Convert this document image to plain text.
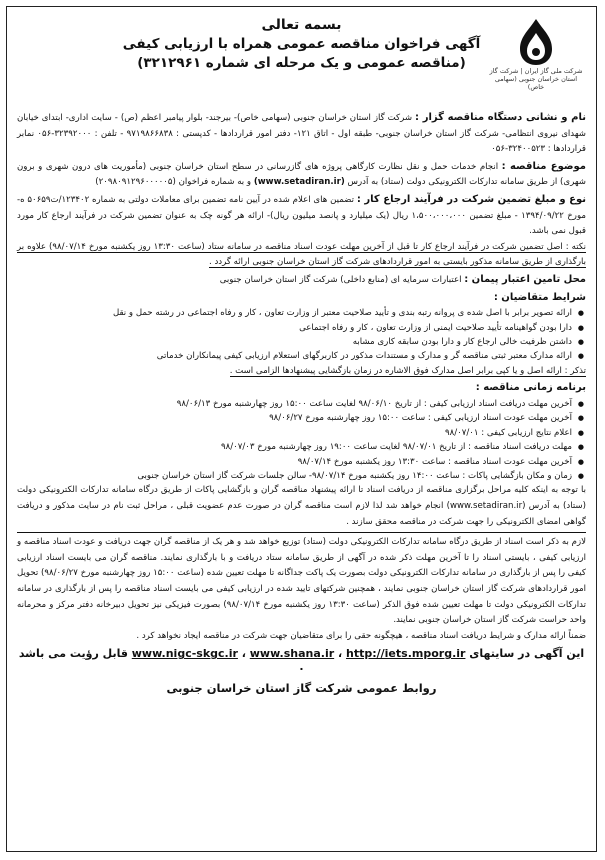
شرکت ملی گاز ایران | شرکت گاز استان خراسان جنوبی (سهامی خاص)
بسمه تعالی
آگهی فراخوان مناقصه عمومی همراه با ارزیابی کیفی
(مناقصه عمومی و یک مرحله ای شماره ۳۲۱۲۹۶۱)

نام و نشانی دستگاه مناقصه گزار : شرکت گاز استان خراسان جنوبی (سهامی خاص)- بیرجند- بلوار پیامبر اعظم (ص) - سایت اداری- ابتدای خیابان شهدای نیروی انتظامی- شرکت گاز استان خراسان جنوبی- طبقه اول - اتاق ۱۲۱- دفتر امور قراردادها - کدپستی : ۹۷۱۹۸۶۶۸۳۸ - تلفن : ۳۲۳۹۲۰۰۰-۰۵۶ نمابر قراردادها : ۳۲۴۰۰۵۲۳-۰۵۶

موضوع مناقصه : انجام خدمات حمل و نقل نظارت کارگاهی پروژه های گازرسانی در سطح استان خراسان جنوبی (مأموریت های درون شهری و برون شهری) از طریق سامانه تدارکات الکترونیکی دولت (ستاد) به آدرس (www.setadiran.ir) و به شماره فراخوان (۲۰۹۸۰۹۱۲۹۶۰۰۰۰۰۵)

نوع و مبلغ تضمین شرکت در فرآیند ارجاع کار : تضمین های اعلام شده در آیین نامه تضمین برای معاملات دولتی به شماره ۱۲۳۴۰۲/ت۵۰۶۵۹ ه- مورخ ۱۳۹۴/۰۹/۲۲ - مبلغ تضمین ۱،۵۰۰،۰۰۰،۰۰۰ ریال (یک میلیارد و پانصد میلیون ریال)- ارائه هر گونه چک به عنوان تضمین شرکت در فرآیند ارجاع کار مورد قبول نمی باشد.

نکته : اصل تضمین شرکت در فرآیند ارجاع کار تا قبل از آخرین مهلت عودت اسناد مناقصه در سامانه ستاد (ساعت ۱۳:۳۰ روز یکشنبه مورخ ۹۸/۰۷/۱۴) علاوه بر بارگذاری از طریق سامانه مذکور بایستی به امور قراردادهای شرکت گاز استان خراسان جنوبی ارائه گردد .

محل تامین اعتبار پیمان : اعتبارات سرمایه ای (منابع داخلی) شرکت گاز استان خراسان جنوبی

شرایط متقاضیان :

● ارائه تصویر برابر با اصل شده ی پروانه رتبه بندی و تأیید صلاحیت معتبر از وزارت تعاون ، کار و رفاه اجتماعی در رشته حمل و نقل
● دارا بودن گواهینامه تأیید صلاحیت ایمنی از وزارت تعاون ، کار و رفاه اجتماعی
● داشتن ظرفیت خالی ارجاع کار و دارا بودن سابقه کاری مشابه
● ارائه مدارک معتبر ثبتی مناقصه گر و مدارک و مستندات مذکور در کاربرگهای استعلام ارزیابی کیفی پیمانکاران خدماتی

تذکر : ارائه اصل و یا کپی برابر اصل مدارک فوق الاشاره در زمان بازگشایی پیشنهادها الزامی است .

برنامه زمانی مناقصه :

● آخرین مهلت دریافت اسناد ارزیابی کیفی : از تاریخ ۹۸/۰۶/۱۰ لغایت ساعت ۱۵:۰۰ روز چهارشنبه مورخ ۹۸/۰۶/۱۳
● آخرین مهلت عودت اسناد ارزیابی کیفی : ساعت ۱۵:۰۰ روز چهارشنبه مورخ ۹۸/۰۶/۲۷
● اعلام نتایج ارزیابی کیفی : ۹۸/۰۷/۰۱
● مهلت دریافت اسناد مناقصه : از تاریخ ۹۸/۰۷/۰۱ لغایت ساعت ۱۹:۰۰ روز چهارشنبه مورخ ۹۸/۰۷/۰۳
● آخرین مهلت عودت اسناد مناقصه : ساعت ۱۳:۳۰ روز یکشنبه مورخ ۹۸/۰۷/۱۴
● زمان و مکان بازگشایی پاکات : ساعت ۱۴:۰۰ روز یکشنبه مورخ ۹۸/۰۷/۱۴- سالن جلسات شرکت گاز استان خراسان جنوبی

با توجه به اینکه کلیه مراحل برگزاری مناقصه از دریافت اسناد تا ارائه پیشنهاد مناقصه گران و بازگشایی پاکات از طریق درگاه سامانه تدارکات الکترونیکی دولت (ستاد) به آدرس (www.setadiran.ir) انجام خواهد شد لذا لازم است مناقصه گران در صورت عدم عضویت قبلی ، مراحل ثبت نام در سایت مذکور و دریافت گواهی امضای الکترونیکی را جهت شرکت در مناقصه محقق سازند .

لازم به ذکر است اسناد از طریق درگاه سامانه تدارکات الکترونیکی دولت (ستاد) توزیع خواهد شد و هر یک از مناقصه گران جهت دریافت و عودت اسناد مناقصه و ارزیابی کیفی ، بایستی اسناد را تا آخرین مهلت ذکر شده در آگهی از طریق سامانه ستاد دریافت و با بارگذاری نمایند. مناقصه گران می بایست اسناد ارزیابی کیفی را پس از بارگذاری در سامانه تدارکات الکترونیکی دولت بصورت یک پاکت جداگانه تا مهلت تعیین شده (ساعت ۱۵:۰۰ روز چهارشنبه مورخ ۹۸/۰۶/۲۷) تحویل امور قراردادهای شرکت گاز استان خراسان جنوبی نمایند ، همچنین شرکتهای تایید شده در ارزیابی کیفی می بایست اسناد مناقصه را پس از بارگذاری در سامانه تدارکات الکترونیکی دولت تا مهلت تعیین شده فوق الذکر (ساعت ۱۳:۳۰ روز یکشنبه مورخ ۹۸/۰۷/۱۴) بصورت فیزیکی نیز تحویل دبیرخانه دفتر مرکز و محرمانه واحد حراست شرکت گاز استان خراسان جنوبی نمایند.

ضمناً ارائه مدارک و شرایط دریافت اسناد مناقصه ، هیچگونه حقی را برای متقاضیان جهت شرکت در مناقصه ایجاد نخواهد کرد .

این آگهی در سایتهای www.nigc-skgc.ir ، www.shana.ir ، http://iets.mporg.ir قابل رؤیت می باشد .
روابط عمومی شرکت گاز استان خراسان جنوبی
